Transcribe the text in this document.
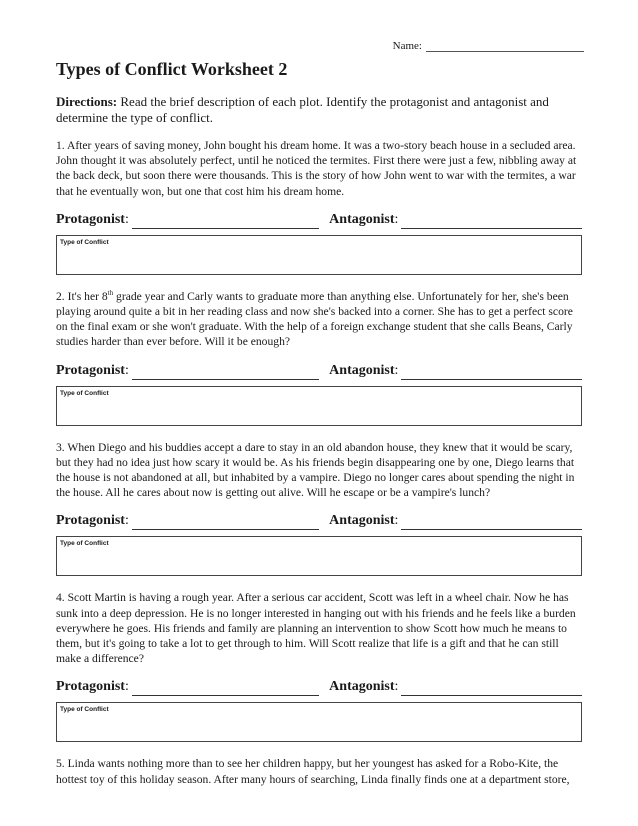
Name:
Types of Conflict Worksheet 2
Directions: Read the brief description of each plot. Identify the protagonist and antagonist and determine the type of conflict.

1. After years of saving money, John bought his dream home. It was a two-story beach house in a secluded area. John thought it was absolutely perfect, until he noticed the termites. First there were just a few, nibbling away at the back deck, but soon there were thousands. This is the story of how John went to war with the termites, a war that he eventually won, but one that cost him his dream home.

Protagonist :	Antagonist :
Type of Conflict

2. It's her 8th grade year and Carly wants to graduate more than anything else. Unfortunately for her, she's been playing around quite a bit in her reading class and now she's backed into a corner. She has to get a perfect score on the final exam or she won't graduate. With the help of a foreign exchange student that she calls Beans, Carly studies harder than ever before. Will it be enough?

Protagonist :	Antagonist :
Type of Conflict

3. When Diego and his buddies accept a dare to stay in an old abandon house, they knew that it would be scary, but they had no idea just how scary it would be. As his friends begin disappearing one by one, Diego learns that the house is not abandoned at all, but inhabited by a vampire. Diego no longer cares about spending the night in the house. All he cares about now is getting out alive. Will he escape or be a vampire's lunch?

Protagonist :	Antagonist :
Type of Conflict

4. Scott Martin is having a rough year. After a serious car accident, Scott was left in a wheel chair. Now he has sunk into a deep depression. He is no longer interested in hanging out with his friends and he feels like a burden everywhere he goes. His friends and family are planning an intervention to show Scott how much he means to them, but it's going to take a lot to get through to him. Will Scott realize that life is a gift and that he can still make a difference?

Protagonist :	Antagonist :
Type of Conflict

5. Linda wants nothing more than to see her children happy, but her youngest has asked for a Robo-Kite, the hottest toy of this holiday season. After many hours of searching, Linda finally finds one at a department store,
